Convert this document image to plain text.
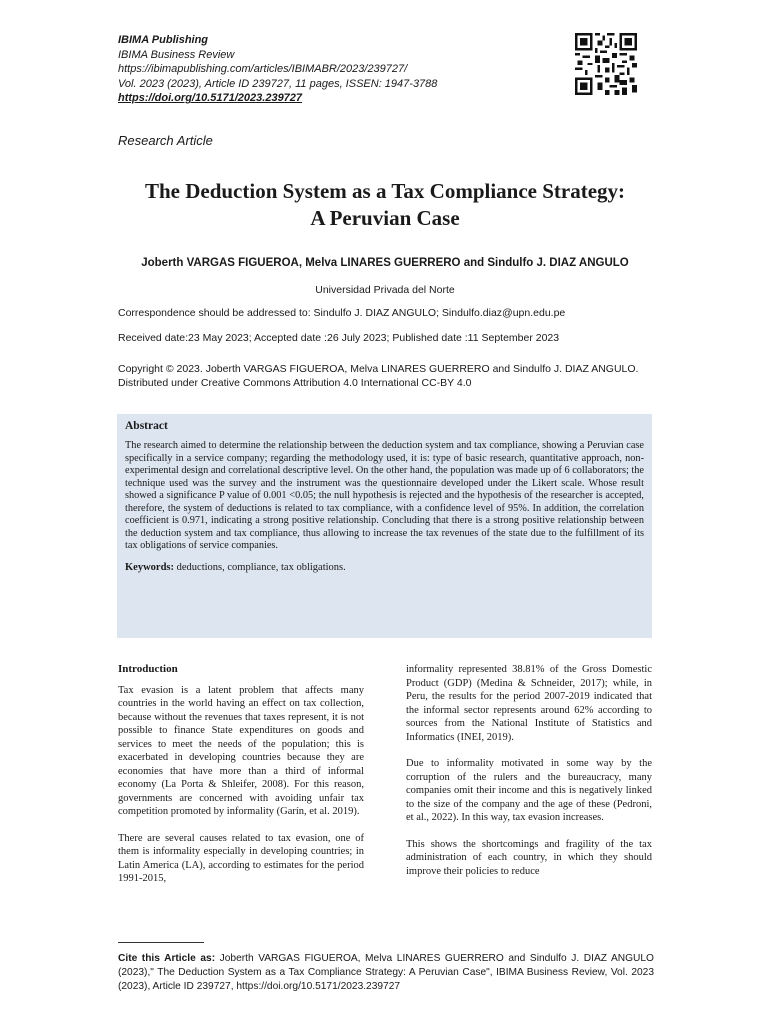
IBIMA Publishing
IBIMA Business Review
https://ibimapublishing.com/articles/IBIMABR/2023/239727/
Vol. 2023 (2023), Article ID 239727, 11 pages, ISSEN: 1947-3788
https://doi.org/10.5171/2023.239727
Research Article
The Deduction System as a Tax Compliance Strategy:
A Peruvian Case
Joberth VARGAS FIGUEROA, Melva LINARES GUERRERO and Sindulfo J. DIAZ ANGULO
Universidad Privada del Norte
Correspondence should be addressed to: Sindulfo J. DIAZ ANGULO; Sindulfo.diaz@upn.edu.pe
Received date:23 May 2023; Accepted date :26 July 2023; Published date :11 September 2023
Copyright © 2023. Joberth VARGAS FIGUEROA, Melva LINARES GUERRERO and Sindulfo J. DIAZ ANGULO.
Distributed under Creative Commons Attribution 4.0 International CC-BY 4.0
Abstract

The research aimed to determine the relationship between the deduction system and tax compliance, showing a Peruvian case specifically in a service company; regarding the methodology used, it is: type of basic research, quantitative approach, non-experimental design and correlational descriptive level. On the other hand, the population was made up of 6 collaborators; the technique used was the survey and the instrument was the questionnaire developed under the Likert scale. Whose result showed a significance P value of 0.001 <0.05; the null hypothesis is rejected and the hypothesis of the researcher is accepted, therefore, the system of deductions is related to tax compliance, with a confidence level of 95%. In addition, the correlation coefficient is 0.971, indicating a strong positive relationship. Concluding that there is a strong positive relationship between the deduction system and tax compliance, thus allowing to increase the tax revenues of the state due to the fulfillment of its tax obligations of service companies.

Keywords: deductions, compliance, tax obligations.

Introduction

Tax evasion is a latent problem that affects many countries in the world having an effect on tax collection, because without the revenues that taxes represent, it is not possible to finance State expenditures on goods and services to meet the needs of the population; this is exacerbated in developing countries because they are economies that have more than a third of informal economy (La Porta & Shleifer, 2008). For this reason, governments are concerned with avoiding unfair tax competition promoted by informality (Garín, et al. 2019).

There are several causes related to tax evasion, one of them is informality especially in developing countries; in Latin America (LA), according to estimates for the period 1991-2015,

informality represented 38.81% of the Gross Domestic Product (GDP) (Medina & Schneider, 2017); while, in Peru, the results for the period 2007-2019 indicated that the informal sector represents around 62% according to sources from the National Institute of Statistics and Informatics (INEI, 2019).

Due to informality motivated in some way by the corruption of the rulers and the bureaucracy, many companies omit their income and this is negatively linked to the size of the company and the age of these (Pedroni, et al., 2022). In this way, tax evasion increases.

This shows the shortcomings and fragility of the tax administration of each country, in which they should improve their policies to reduce

Cite this Article as: Joberth VARGAS FIGUEROA, Melva LINARES GUERRERO and Sindulfo J. DIAZ ANGULO (2023)," The Deduction System as a Tax Compliance Strategy: A Peruvian Case", IBIMA Business Review, Vol. 2023 (2023), Article ID 239727, https://doi.org/10.5171/2023.239727
